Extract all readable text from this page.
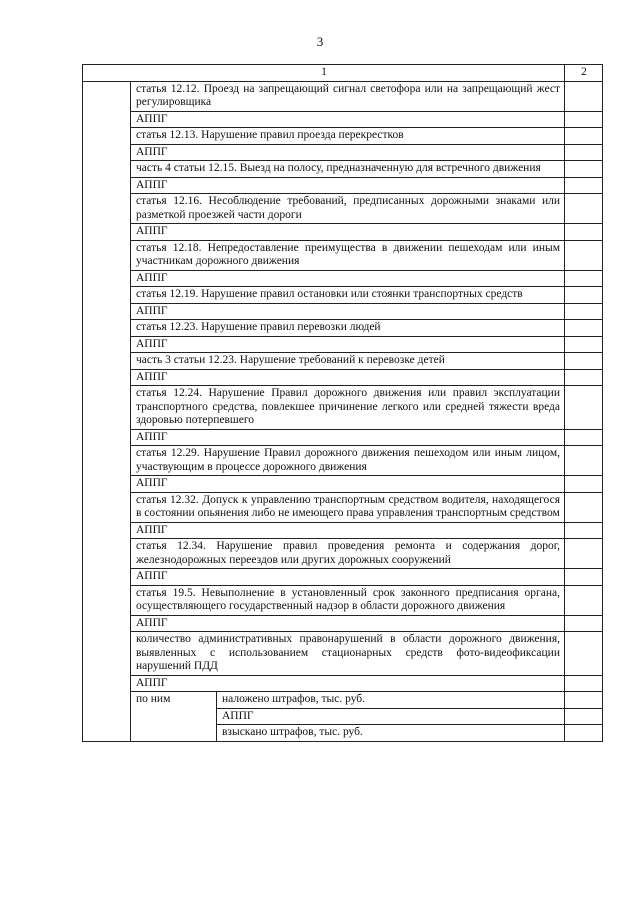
3
1			2
	статья 12.12. Проезд на запрещающий сигнал светофора или на запрещающий жест регулировщика		
	АППГ		
	статья 12.13. Нарушение правил проезда перекрестков		
	АППГ		
	часть 4 статьи 12.15. Выезд на полосу, предназначенную для встречного движения		
	АППГ		
	статья 12.16. Несоблюдение требований, предписанных дорожными знаками или разметкой проезжей части дороги		
	АППГ		
	статья 12.18. Непредоставление преимущества в движении пешеходам или иным участникам дорожного движения		
	АППГ		
	статья 12.19. Нарушение правил остановки или стоянки транспортных средств		
	АППГ		
	статья 12.23. Нарушение правил перевозки людей		
	АППГ		
	часть 3 статьи 12.23. Нарушение требований к перевозке детей		
	АППГ		
	статья 12.24. Нарушение Правил дорожного движения или правил эксплуатации транспортного средства, повлекшее причинение легкого или средней тяжести вреда здоровью потерпевшего		
	АППГ		
	статья 12.29. Нарушение Правил дорожного движения пешеходом или иным лицом, участвующим в процессе дорожного движения		
	АППГ		
	статья 12.32. Допуск к управлению транспортным средством водителя, находящегося в состоянии опьянения либо не имеющего права управления транспортным средством		
	АППГ		
	статья 12.34. Нарушение правил проведения ремонта и содержания дорог, железнодорожных переездов или других дорожных сооружений		
	АППГ		
	статья 19.5. Невыполнение в установленный срок законного предписания органа, осуществляющего государственный надзор в области дорожного движения		
	АППГ		
	количество административных правонарушений в области дорожного движения, выявленных с использованием стационарных средств фото-видеофиксации нарушений ПДД		
	АППГ		
	по ним	наложено штрафов, тыс. руб.	
		АППГ	
		взыскано штрафов, тыс. руб.	
